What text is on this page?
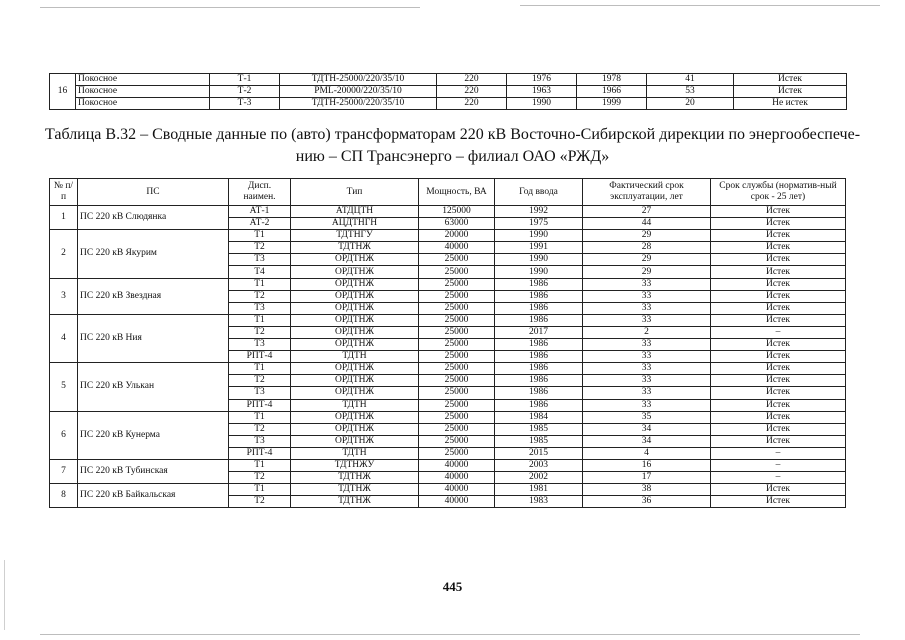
16	Покосное	Т-1	ТДТН-25000/220/35/10	220	1976	1978	41	Истек
	Покосное	Т-2	PML-20000/220/35/10	220	1963	1966	53	Истек
	Покосное	Т-3	ТДТН-25000/220/35/10	220	1990	1999	20	Не истек
Таблица В.32 – Сводные данные по (авто) трансформаторам 220 кВ Восточно-Сибирской дирекции по энергообеспече-нию – СП Трансэнерго – филиал ОАО «РЖД»
№ п/п	ПС	Дисп. наимен.	Тип	Мощность, ВА	Год ввода	Фактический срок эксплуатации, лет	Срок службы (норматив-ный срок - 25 лет)
1	ПС 220 кВ Слюдянка	АТ-1	АТДЦТН	125000	1992	27	Истек
		АТ-2	АЦДТНГН	63000	1975	44	Истек
2	ПС 220 кВ Якурим	Т1	ТДТНГУ	20000	1990	29	Истек
		Т2	ТДТНЖ	40000	1991	28	Истек
		Т3	ОРДТНЖ	25000	1990	29	Истек
		Т4	ОРДТНЖ	25000	1990	29	Истек
3	ПС 220 кВ Звездная	Т1	ОРДТНЖ	25000	1986	33	Истек
		Т2	ОРДТНЖ	25000	1986	33	Истек
		Т3	ОРДТНЖ	25000	1986	33	Истек
4	ПС 220 кВ Ния	Т1	ОРДТНЖ	25000	1986	33	Истек
		Т2	ОРДТНЖ	25000	2017	2	–
		Т3	ОРДТНЖ	25000	1986	33	Истек
		РПТ-4	ТДТН	25000	1986	33	Истек
5	ПС 220 кВ Улькан	Т1	ОРДТНЖ	25000	1986	33	Истек
		Т2	ОРДТНЖ	25000	1986	33	Истек
		Т3	ОРДТНЖ	25000	1986	33	Истек
		РПТ-4	ТДТН	25000	1986	33	Истек
6	ПС 220 кВ Кунерма	Т1	ОРДТНЖ	25000	1984	35	Истек
		Т2	ОРДТНЖ	25000	1985	34	Истек
		Т3	ОРДТНЖ	25000	1985	34	Истек
		РПТ-4	ТДТН	25000	2015	4	–
7	ПС 220 кВ Тубинская	Т1	ТДТНЖУ	40000	2003	16	–
		Т2	ТДТНЖ	40000	2002	17	–
8	ПС 220 кВ Байкальская	Т1	ТДТНЖ	40000	1981	38	Истек
		Т2	ТДТНЖ	40000	1983	36	Истек
445
